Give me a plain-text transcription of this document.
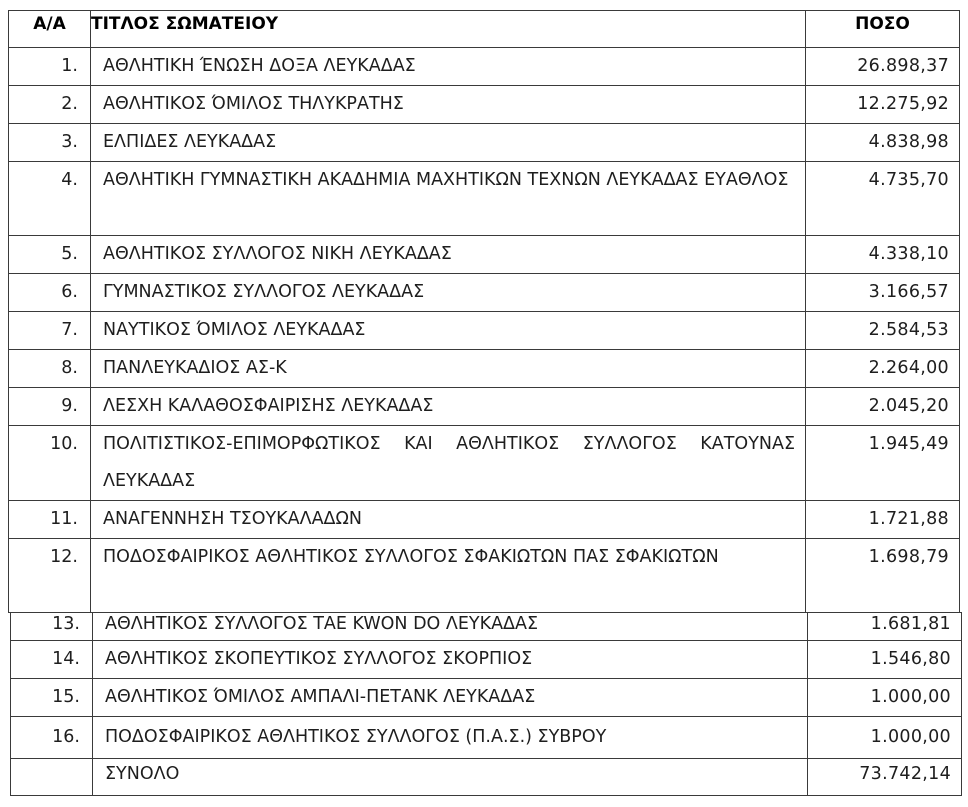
Α/Α	ΤΙΤΛΟΣ ΣΩΜΑΤΕΙΟΥ	ΠΟΣΟ
1.	ΑΘΛΗΤΙΚΗ ΈΝΩΣΗ ΔΟΞΑ ΛΕΥΚΑΔΑΣ	26.898,37
2.	ΑΘΛΗΤΙΚΟΣ ΌΜΙΛΟΣ ΤΗΛΥΚΡΑΤΗΣ	12.275,92
3.	ΕΛΠΙΔΕΣ ΛΕΥΚΑΔΑΣ	4.838,98
4.	ΑΘΛΗΤΙΚΗ ΓΥΜΝΑΣΤΙΚΗ ΑΚΑΔΗΜΙΑ ΜΑΧΗΤΙΚΩΝ ΤΕΧΝΩΝ ΛΕΥΚΑΔΑΣ ΕΥΑΘΛΟΣ	4.735,70
5.	ΑΘΛΗΤΙΚΟΣ ΣΥΛΛΟΓΟΣ ΝΙΚΗ ΛΕΥΚΑΔΑΣ	4.338,10
6.	ΓΥΜΝΑΣΤΙΚΟΣ ΣΥΛΛΟΓΟΣ ΛΕΥΚΑΔΑΣ	3.166,57
7.	ΝΑΥΤΙΚΟΣ ΌΜΙΛΟΣ ΛΕΥΚΑΔΑΣ	2.584,53
8.	ΠΑΝΛΕΥΚΑΔΙΟΣ ΑΣ-Κ	2.264,00
9.	ΛΕΣΧΗ ΚΑΛΑΘΟΣΦΑΙΡΙΣΗΣ ΛΕΥΚΑΔΑΣ	2.045,20
10.	ΠΟΛΙΤΙΣΤΙΚΟΣ-ΕΠΙΜΟΡΦΩΤΙΚΟΣ ΚΑΙ ΑΘΛΗΤΙΚΟΣ ΣΥΛΛΟΓΟΣ ΚΑΤΟΥΝΑΣ ΛΕΥΚΑΔΑΣ	1.945,49
11.	ΑΝΑΓΕΝΝΗΣΗ ΤΣΟΥΚΑΛΑΔΩΝ	1.721,88
12.	ΠΟΔΟΣΦΑΙΡΙΚΟΣ ΑΘΛΗΤΙΚΟΣ ΣΥΛΛΟΓΟΣ ΣΦΑΚΙΩΤΩΝ ΠΑΣ ΣΦΑΚΙΩΤΩΝ	1.698,79
13.	ΑΘΛΗΤΙΚΟΣ ΣΥΛΛΟΓΟΣ ΤΑΕ KWON DO ΛΕΥΚΑΔΑΣ	1.681,81
14.	ΑΘΛΗΤΙΚΟΣ ΣΚΟΠΕΥΤΙΚΟΣ ΣΥΛΛΟΓΟΣ ΣΚΟΡΠΙΟΣ	1.546,80
15.	ΑΘΛΗΤΙΚΟΣ ΌΜΙΛΟΣ ΑΜΠΑΛΙ-ΠΕΤΑΝΚ ΛΕΥΚΑΔΑΣ	1.000,00
16.	ΠΟΔΟΣΦΑΙΡΙΚΟΣ ΑΘΛΗΤΙΚΟΣ ΣΥΛΛΟΓΟΣ (Π.Α.Σ.) ΣΥΒΡΟΥ	1.000,00
	ΣΥΝΟΛΟ	73.742,14
